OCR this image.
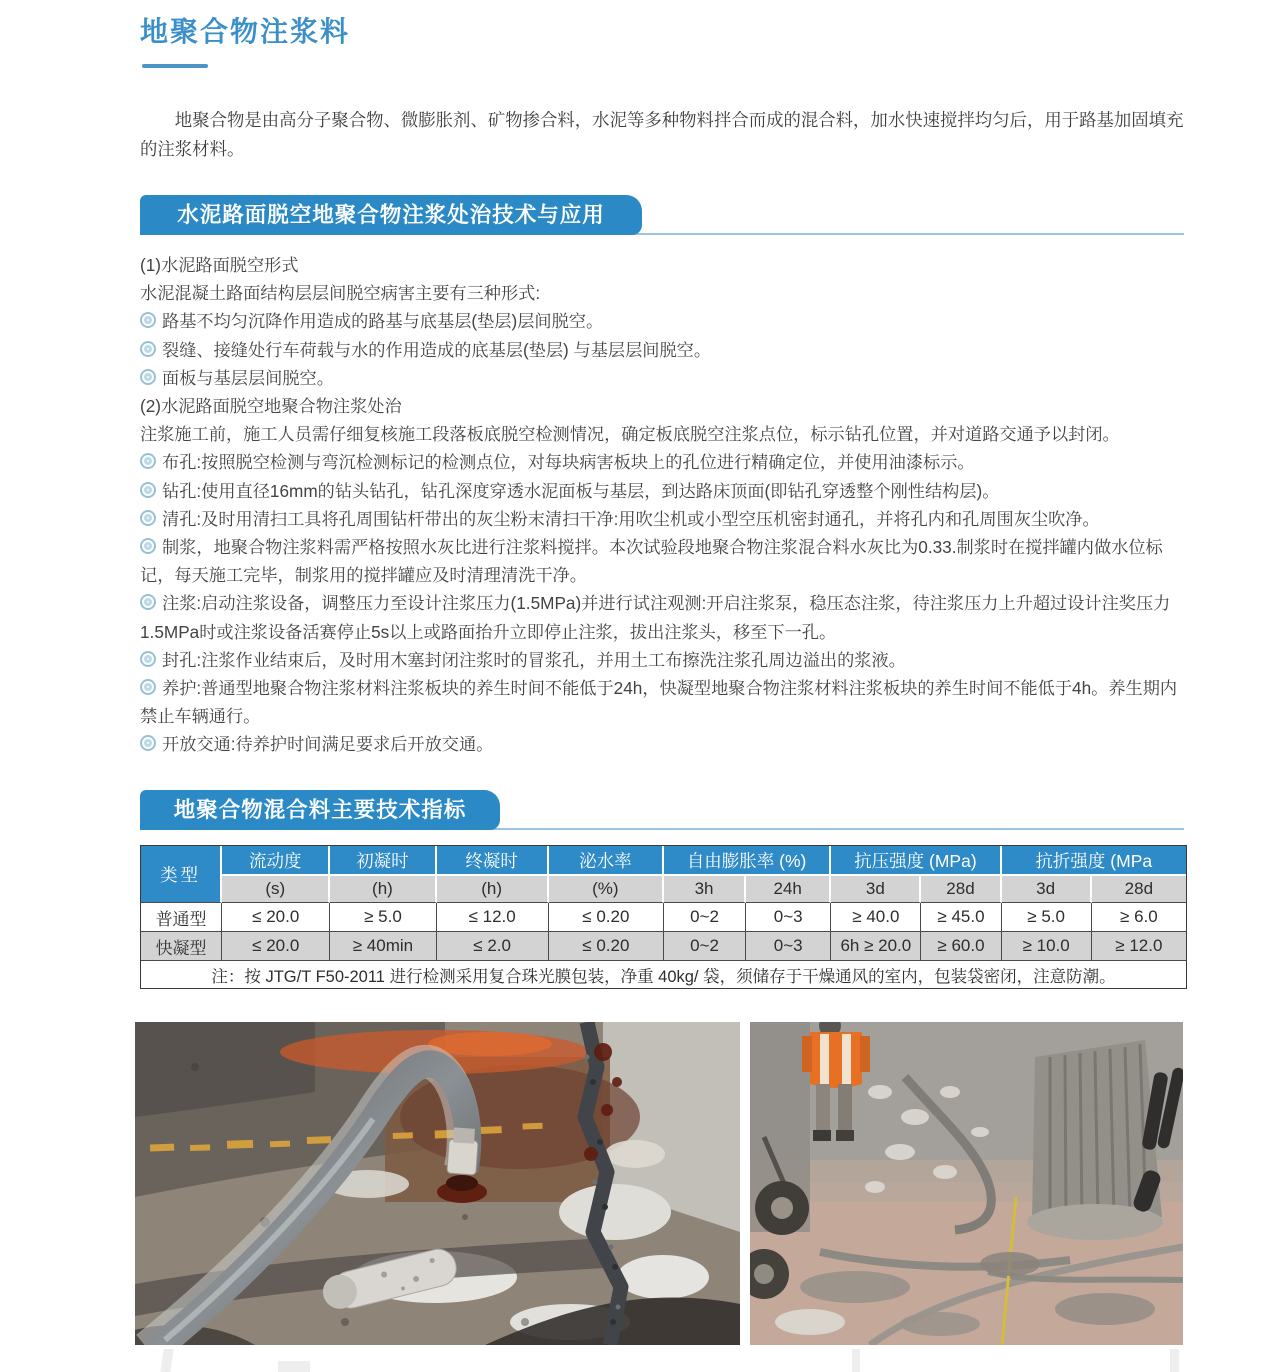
地聚合物注浆料
地聚合物是由高分子聚合物、微膨胀剂、矿物掺合料，水泥等多种物料拌合而成的混合料，加水快速搅拌均匀后，用于路基加固填充的注浆材料。
水泥路面脱空地聚合物注浆处治技术与应用

(1)水泥路面脱空形式

水泥混凝土路面结构层层间脱空病害主要有三种形式:

路基不均匀沉降作用造成的路基与底基层(垫层)层间脱空。

裂缝、接缝处行车荷载与水的作用造成的底基层(垫层) 与基层层间脱空。

面板与基层层间脱空。

(2)水泥路面脱空地聚合物注浆处治

注浆施工前，施工人员需仔细复核施工段落板底脱空检测情况，确定板底脱空注浆点位，标示钻孔位置，并对道路交通予以封闭。

布孔:按照脱空检测与弯沉检测标记的检测点位，对每块病害板块上的孔位进行精确定位，并使用油漆标示。

钻孔:使用直径16mm的钻头钻孔，钻孔深度穿透水泥面板与基层，到达路床顶面(即钻孔穿透整个刚性结构层)。

清孔:及时用清扫工具将孔周围钻杆带出的灰尘粉末清扫干净:用吹尘机或小型空压机密封通孔，并将孔内和孔周围灰尘吹净。

制浆，地聚合物注浆料需严格按照水灰比进行注浆料搅拌。本次试验段地聚合物注浆混合料水灰比为0.33.制浆时在搅拌罐内做水位标记，每天施工完毕，制浆用的搅拌罐应及时清理清洗干净。

注浆:启动注浆设备，调整压力至设计注浆压力(1.5MPa)并进行试注观测:开启注浆泵，稳压态注浆，待注浆压力上升超过设计注奖压力1.5MPa时或注浆设备活赛停止5s以上或路面抬升立即停止注浆，拔出注浆头，移至下一孔。

封孔:注浆作业结束后，及时用木塞封闭注浆时的冒浆孔，并用土工布擦洗注浆孔周边溢出的浆液。

养护:普通型地聚合物注浆材料注浆板块的养生时间不能低于24h，快凝型地聚合物注浆材料注浆板块的养生时间不能低于4h。养生期内禁止车辆通行。

开放交通:待养护时间满足要求后开放交通。

地聚合物混合料主要技术指标
类型	流动度	初凝时	终凝时	泌水率	自由膨胀率 (%)		抗压强度 (MPa)		抗折强度 (MPa	
	(s)	(h)	(h)	(%)	3h	24h	3d	28d	3d	28d
普通型	≤ 20.0	≥ 5.0	≤ 12.0	≤ 0.20	0~2	0~3	≥ 40.0	≥ 45.0	≥ 5.0	≥ 6.0
快凝型	≤ 20.0	≥ 40min	≤ 2.0	≤ 0.20	0~2	0~3	6h ≥ 20.0	≥ 60.0	≥ 10.0	≥ 12.0
注：按 JTG/T F50-2011 进行检测采用复合珠光膜包装，净重 40kg/ 袋，须储存于干燥通风的室内，包装袋密闭，注意防潮。										
